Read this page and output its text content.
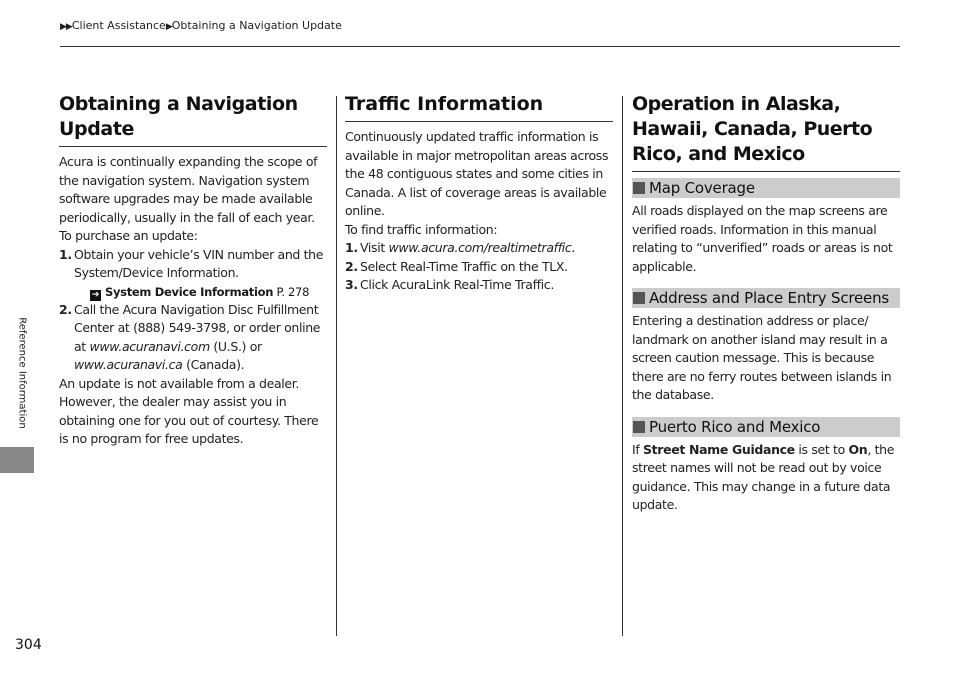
▶▶Client Assistance▶Obtaining a Navigation Update
Reference Information
Obtaining a Navigation Update

Acura is continually expanding the scope of the navigation system. Navigation system software upgrades may be made available periodically, usually in the fall of each year.

To purchase an update:

1. Obtain your vehicle’s VIN number and the System/Device Information.

➔ System Device Information P. 278

2. Call the Acura Navigation Disc Fulfillment Center at (888) 549-3798, or order online at www.acuranavi.com (U.S.) or www.acuranavi.ca (Canada).

An update is not available from a dealer. However, the dealer may assist you in obtaining one for you out of courtesy. There is no program for free updates.

Traffic Information

Continuously updated traffic information is available in major metropolitan areas across the 48 contiguous states and some cities in Canada. A list of coverage areas is available online.

To find traffic information:

1. Visit www.acura.com/realtimetraffic.

2. Select Real-Time Traffic on the TLX.

3. Click AcuraLink Real-Time Traffic.

Operation in Alaska, Hawaii, Canada, Puerto Rico, and Mexico
Map Coverage

All roads displayed on the map screens are verified roads. Information in this manual relating to “unverified” roads or areas is not applicable.

Address and Place Entry Screens

Entering a destination address or place/ landmark on another island may result in a screen caution message. This is because there are no ferry routes between islands in the database.

Puerto Rico and Mexico

If Street Name Guidance is set to On, the street names will not be read out by voice guidance. This may change in a future data update.

304
